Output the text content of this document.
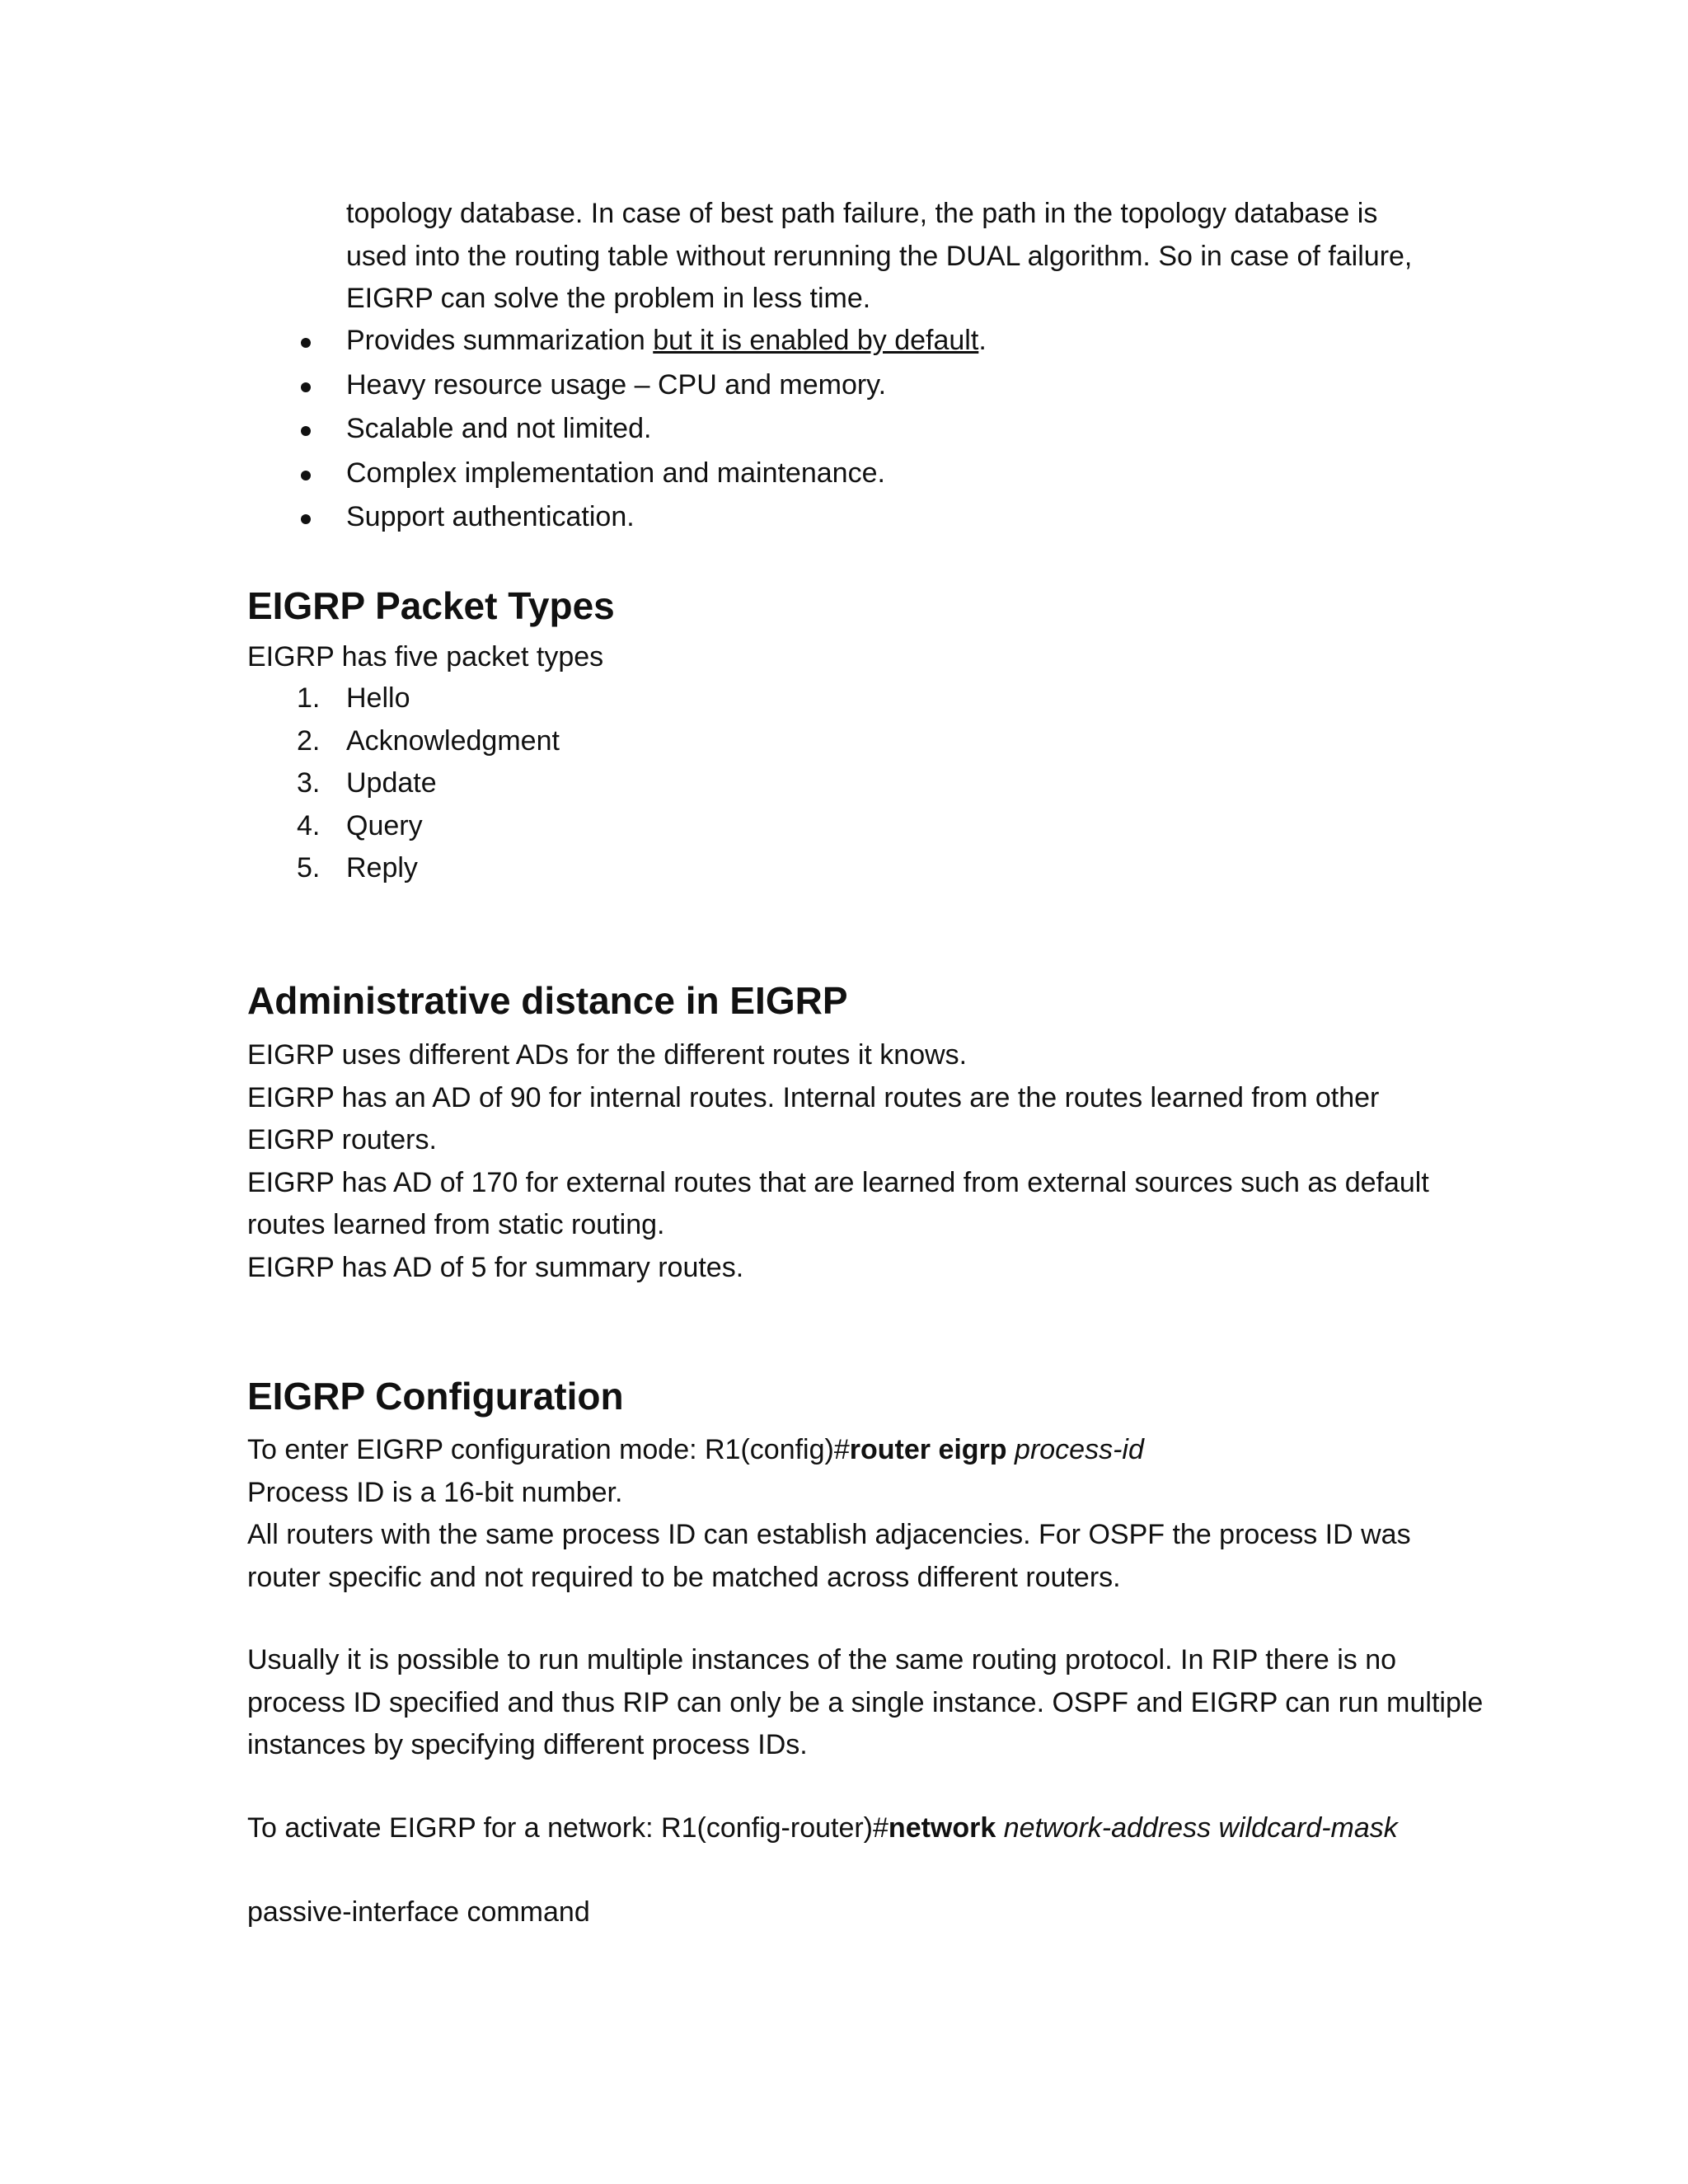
topology database. In case of best path failure, the path in the topology database is
used into the routing table without rerunning the DUAL algorithm. So in case of failure,
EIGRP can solve the problem in less time.
Provides summarization but it is enabled by default.
Heavy resource usage – CPU and memory.
Scalable and not limited.
Complex implementation and maintenance.
Support authentication.
EIGRP Packet Types
EIGRP has five packet types
1. Hello
2. Acknowledgment
3. Update
4. Query
5. Reply
Administrative distance in EIGRP
EIGRP uses different ADs for the different routes it knows.
EIGRP has an AD of 90 for internal routes. Internal routes are the routes learned from other
EIGRP routers.
EIGRP has AD of 170 for external routes that are learned from external sources such as default
routes learned from static routing.
EIGRP has AD of 5 for summary routes.
EIGRP Configuration
To enter EIGRP configuration mode: R1(config)#router eigrp process-id
Process ID is a 16-bit number.
All routers with the same process ID can establish adjacencies. For OSPF the process ID was
router specific and not required to be matched across different routers.
Usually it is possible to run multiple instances of the same routing protocol. In RIP there is no
process ID specified and thus RIP can only be a single instance. OSPF and EIGRP can run multiple
instances by specifying different process IDs.
To activate EIGRP for a network: R1(config-router)#network network-address wildcard-mask
passive-interface command
